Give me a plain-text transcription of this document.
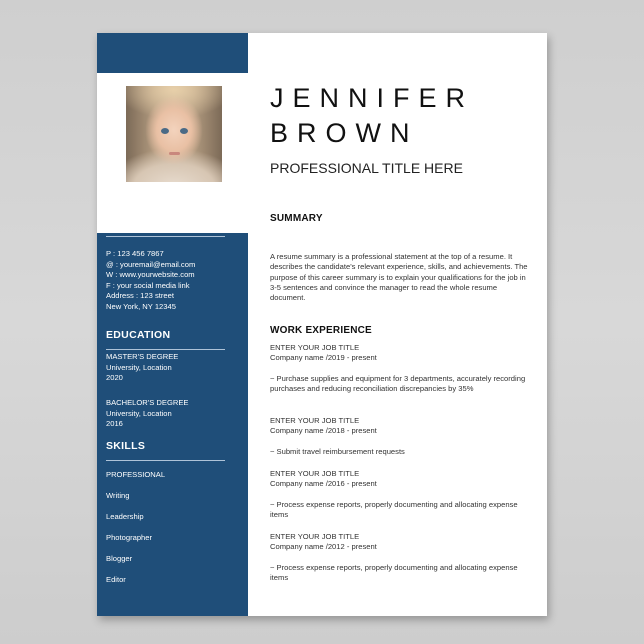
CONTACT

P : 123 456 7867

@ : youremail@email.com

W : www.yourwebsite.com

F : your social media link

Address : 123 street

New York, NY 12345

EDUCATION

MASTER'S DEGREE

University, Location

2020

BACHELOR'S DEGREE

University, Location

2016

SKILLS

PROFESSIONAL

Writing

Leadership

Photographer

Blogger

Editor

JENNIFER
BROWN

PROFESSIONAL TITLE HERE

SUMMARY

A resume summary is a professional statement at the top of a resume. It describes the candidate's relevant experience, skills, and achievements. The purpose of this career summary is to explain your qualifications for the job in 3-5 sentences and convince the manager to read the whole resume document.

WORK EXPERIENCE

ENTER YOUR JOB TITLE

Company name /2019 - present

~ Purchase supplies and equipment for 3 departments, accurately recording purchases and reducing reconciliation discrepancies by 35%

ENTER YOUR JOB TITLE

Company name /2018 - present

~ Submit travel reimbursement requests

ENTER YOUR JOB TITLE

Company name /2016 - present

~ Process expense reports, properly documenting and allocating expense items

ENTER YOUR JOB TITLE

Company name /2012 - present

~ Process expense reports, properly documenting and allocating expense items
